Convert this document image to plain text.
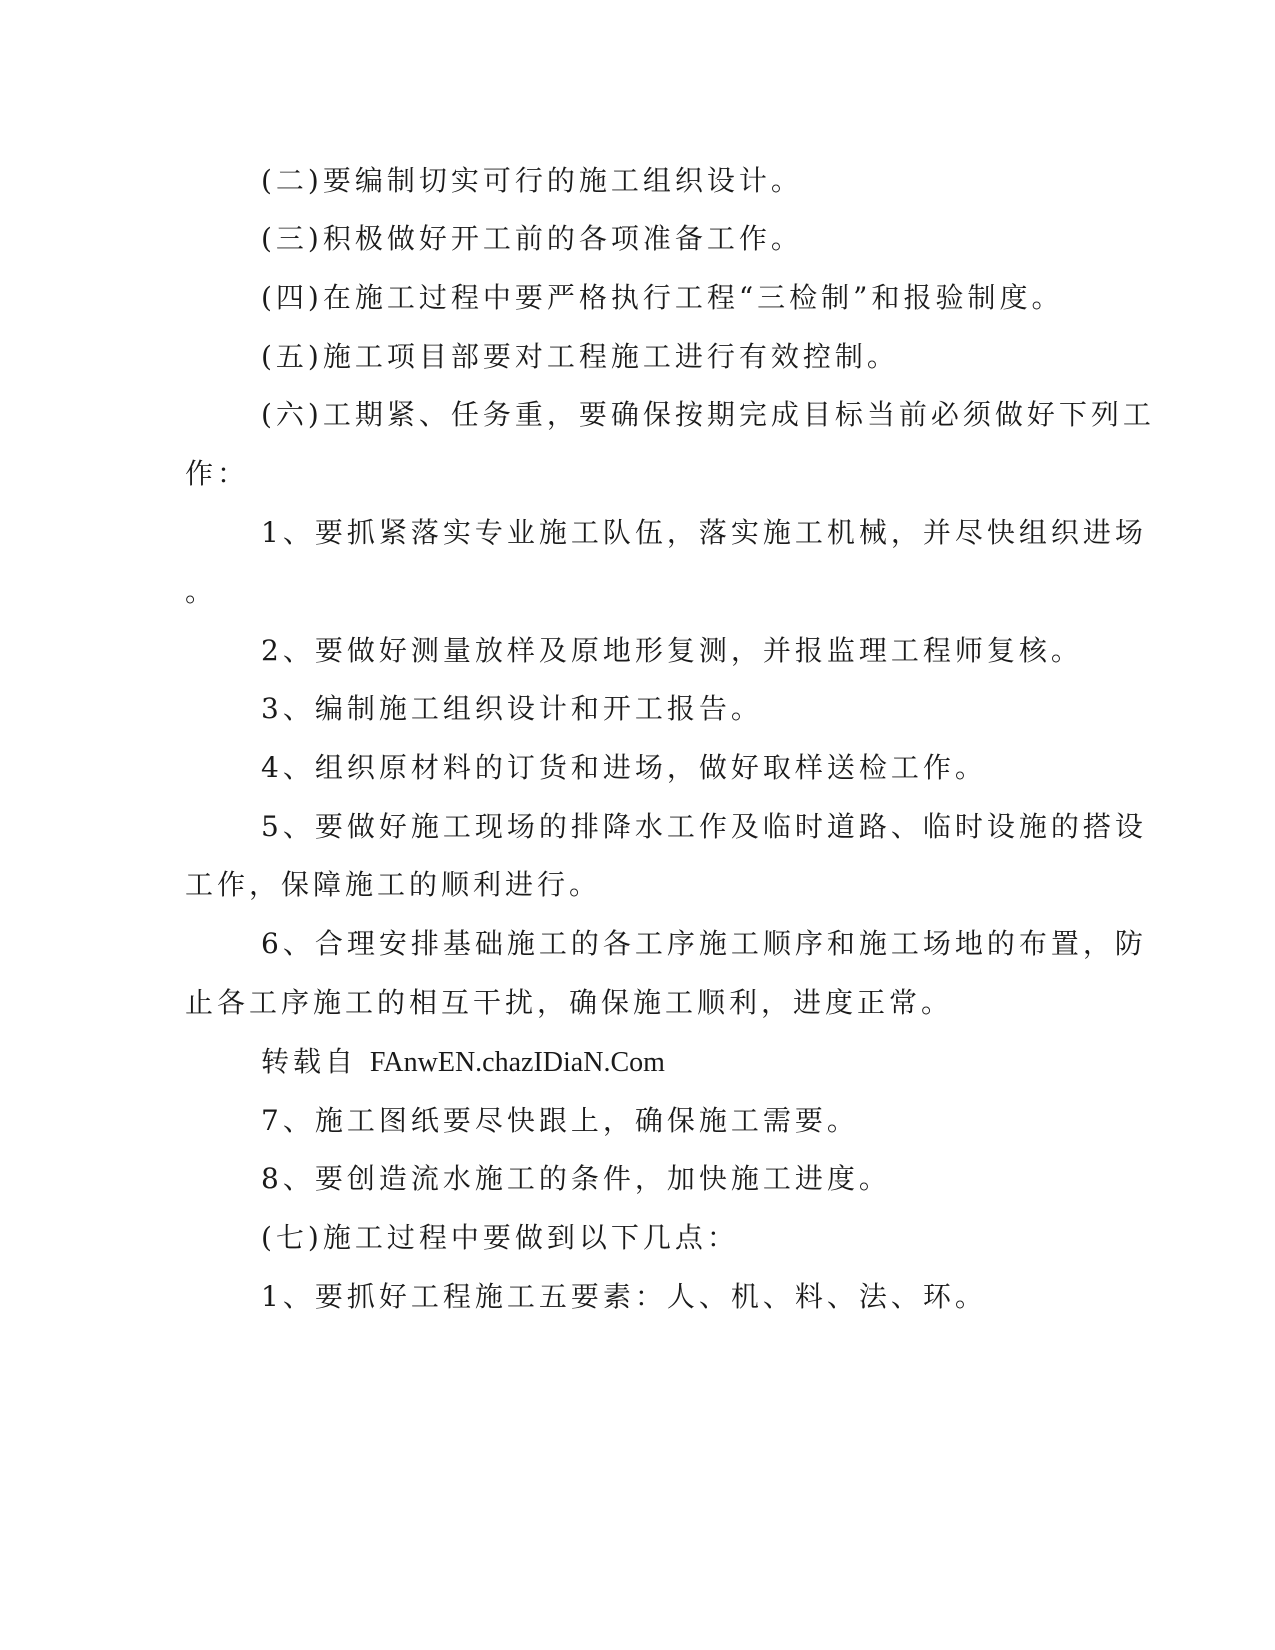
(二)要编制切实可行的施工组织设计。
(三)积极做好开工前的各项准备工作。
(四)在施工过程中要严格执行工程“三检制”和报验制度。
(五)施工项目部要对工程施工进行有效控制。
(六)工期紧、任务重，要确保按期完成目标当前必须做好下列工
作：
1、要抓紧落实专业施工队伍，落实施工机械，并尽快组织进场
。
2、要做好测量放样及原地形复测，并报监理工程师复核。
3、编制施工组织设计和开工报告。
4、组织原材料的订货和进场，做好取样送检工作。
5、要做好施工现场的排降水工作及临时道路、临时设施的搭设
工作，保障施工的顺利进行。
6、合理安排基础施工的各工序施工顺序和施工场地的布置，防
止各工序施工的相互干扰，确保施工顺利，进度正常。
转载自 FAnwEN.chazIDiaN.Com
7、施工图纸要尽快跟上，确保施工需要。
8、要创造流水施工的条件，加快施工进度。
(七)施工过程中要做到以下几点：
1、要抓好工程施工五要素：人、机、料、法、环。
